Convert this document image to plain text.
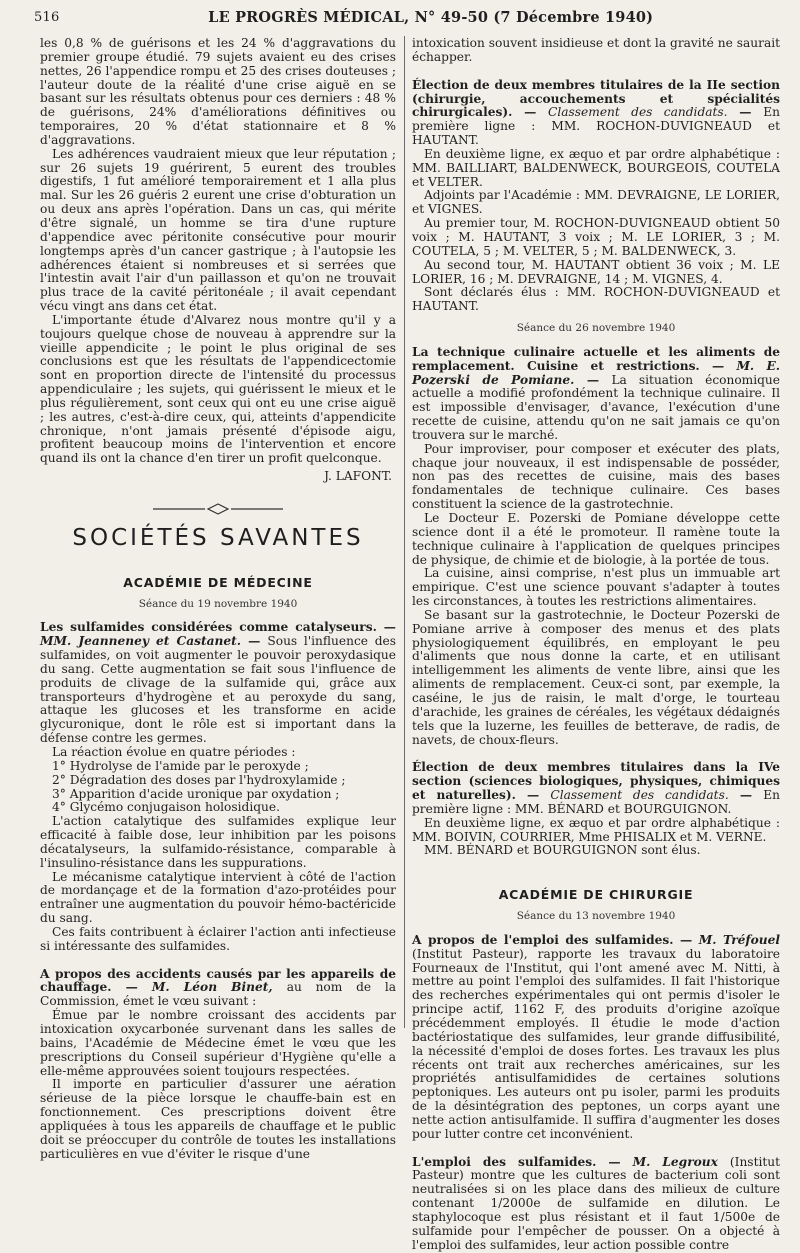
516	LE PROGRÈS MÉDICAL, N° 49-50 (7 Décembre 1940)

les 0,8 % de guérisons et les 24 % d'aggravations du premier groupe étudié. 79 sujets avaient eu des crises nettes, 26 l'appendice rompu et 25 des crises douteuses ; l'auteur doute de la réalité d'une crise aiguë en se basant sur les résultats obtenus pour ces derniers : 48 % de guérisons, 24% d'améliorations définitives ou temporaires, 20 % d'état stationnaire et 8 % d'aggravations.

Les adhérences vaudraient mieux que leur réputation ; sur 26 sujets 19 guérirent, 5 eurent des troubles digestifs, 1 fut amélioré temporairement et 1 alla plus mal. Sur les 26 guéris 2 eurent une crise d'obturation un ou deux ans après l'opération. Dans un cas, qui mérite d'être signalé, un homme se tira d'une rupture d'appendice avec péritonite consécutive pour mourir longtemps après d'un cancer gastrique ; à l'autopsie les adhérences étaient si nombreuses et si serrées que l'intestin avait l'air d'un paillasson et qu'on ne trouvait plus trace de la cavité péritonéale ; il avait cependant vécu vingt ans dans cet état.

L'importante étude d'Alvarez nous montre qu'il y a toujours quelque chose de nouveau à apprendre sur la vieille appendicite ; le point le plus original de ses conclusions est que les résultats de l'appendicectomie sont en proportion directe de l'intensité du processus appendiculaire ; les sujets, qui guérissent le mieux et le plus régulièrement, sont ceux qui ont eu une crise aiguë ; les autres, c'est-à-dire ceux, qui, atteints d'appendicite chronique, n'ont jamais présenté d'épisode aigu, profitent beaucoup moins de l'intervention et encore quand ils ont la chance d'en tirer un profit quelconque.

J. LAFONT.

SOCIÉTÉS SAVANTES
ACADÉMIE DE MÉDECINE
Séance du 19 novembre 1940

Les sulfamides considérées comme catalyseurs. — MM. Jeanneney et Castanet. — Sous l'influence des sulfamides, on voit augmenter le pouvoir peroxydasique du sang. Cette augmentation se fait sous l'influence de produits de clivage de la sulfamide qui, grâce aux transporteurs d'hydrogène et au peroxyde du sang, attaque les glucoses et les transforme en acide glycuronique, dont le rôle est si important dans la défense contre les germes.

La réaction évolue en quatre périodes :

1° Hydrolyse de l'amide par le peroxyde ;

2° Dégradation des doses par l'hydroxylamide ;

3° Apparition d'acide uronique par oxydation ;

4° Glycémo conjugaison holosidique.

L'action catalytique des sulfamides explique leur efficacité à faible dose, leur inhibition par les poisons décatalyseurs, la sulfamido-résistance, comparable à l'insulino-résistance dans les suppurations.

Le mécanisme catalytique intervient à côté de l'action de mordançage et de la formation d'azo-protéides pour entraîner une augmentation du pouvoir hémo-bactéricide du sang.

Ces faits contribuent à éclairer l'action anti infectieuse si intéressante des sulfamides.

A propos des accidents causés par les appareils de chauffage. — M. Léon Binet, au nom de la Commission, émet le vœu suivant :

Émue par le nombre croissant des accidents par intoxication oxycarbonée survenant dans les salles de bains, l'Académie de Médecine émet le vœu que les prescriptions du Conseil supérieur d'Hygiène qu'elle a elle-même approuvées soient toujours respectées.

Il importe en particulier d'assurer une aération sérieuse de la pièce lorsque le chauffe-bain est en fonctionnement. Ces prescriptions doivent être appliquées à tous les appareils de chauffage et le public doit se préoccuper du contrôle de toutes les installations particulières en vue d'éviter le risque d'une

intoxication souvent insidieuse et dont la gravité ne saurait échapper.

Élection de deux membres titulaires de la IIe section (chirurgie, accouchements et spécialités chirurgicales). — Classement des candidats. — En première ligne : MM. ROCHON-DUVIGNEAUD et HAUTANT.

En deuxième ligne, ex æquo et par ordre alphabétique : MM. BAILLIART, BALDENWECK, BOURGEOIS, COUTELA et VELTER.

Adjoints par l'Académie : MM. DEVRAIGNE, LE LORIER, et VIGNES.

Au premier tour, M. ROCHON-DUVIGNEAUD obtient 50 voix ; M. HAUTANT, 3 voix ; M. LE LORIER, 3 ; M. COUTELA, 5 ; M. VELTER, 5 ; M. BALDENWECK, 3.

Au second tour, M. HAUTANT obtient 36 voix ; M. LE LORIER, 16 ; M. DEVRAIGNE, 14 ; M. VIGNES, 4.

Sont déclarés élus : MM. ROCHON-DUVIGNEAUD et HAUTANT.

Séance du 26 novembre 1940

La technique culinaire actuelle et les aliments de remplacement. Cuisine et restrictions. — M. E. Pozerski de Pomiane. — La situation économique actuelle a modifié profondément la technique culinaire. Il est impossible d'envisager, d'avance, l'exécution d'une recette de cuisine, attendu qu'on ne sait jamais ce qu'on trouvera sur le marché.

Pour improviser, pour composer et exécuter des plats, chaque jour nouveaux, il est indispensable de posséder, non pas des recettes de cuisine, mais des bases fondamentales de technique culinaire. Ces bases constituent la science de la gastrotechnie.

Le Docteur E. Pozerski de Pomiane développe cette science dont il a été le promoteur. Il ramène toute la technique culinaire à l'application de quelques principes de physique, de chimie et de biologie, à la portée de tous.

La cuisine, ainsi comprise, n'est plus un immuable art empirique. C'est une science pouvant s'adapter à toutes les circonstances, à toutes les restrictions alimentaires.

Se basant sur la gastrotechnie, le Docteur Pozerski de Pomiane arrive à composer des menus et des plats physiologiquement équilibrés, en employant le peu d'aliments que nous donne la carte, et en utilisant intelligemment les aliments de vente libre, ainsi que les aliments de remplacement. Ceux-ci sont, par exemple, la caséine, le jus de raisin, le malt d'orge, le tourteau d'arachide, les graines de céréales, les végétaux dédaignés tels que la luzerne, les feuilles de betterave, de radis, de navets, de choux-fleurs.

Élection de deux membres titulaires dans la IVe section (sciences biologiques, physiques, chimiques et naturelles). — Classement des candidats. — En première ligne : MM. BÉNARD et BOURGUIGNON.

En deuxième ligne, ex æquo et par ordre alphabétique : MM. BOIVIN, COURRIER, Mme PHISALIX et M. VERNE.

MM. BÉNARD et BOURGUIGNON sont élus.

ACADÉMIE DE CHIRURGIE
Séance du 13 novembre 1940

A propos de l'emploi des sulfamides. — M. Tréfouel (Institut Pasteur), rapporte les travaux du laboratoire Fourneaux de l'Institut, qui l'ont amené avec M. Nitti, à mettre au point l'emploi des sulfamides. Il fait l'historique des recherches expérimentales qui ont permis d'isoler le principe actif, 1162 F, des produits d'origine azoïque précédemment employés. Il étudie le mode d'action bactériostatique des sulfamides, leur grande diffusibilité, la nécessité d'emploi de doses fortes. Les travaux les plus récents ont trait aux recherches américaines, sur les propriétés antisulfamidides de certaines solutions peptoniques. Les auteurs ont pu isoler, parmi les produits de la désintégration des peptones, un corps ayant une nette action antisulfamide. Il suffira d'augmenter les doses pour lutter contre cet inconvénient.

L'emploi des sulfamides. — M. Legroux (Institut Pasteur) montre que les cultures de bacterium coli sont neutralisées si on les place dans des milieux de culture contenant 1/2000e de sulfamide en dilution. Le staphylocoque est plus résistant et il faut 1/500e de sulfamide pour l'empêcher de pousser. On a objecté à l'emploi des sulfamides, leur action possible contre
